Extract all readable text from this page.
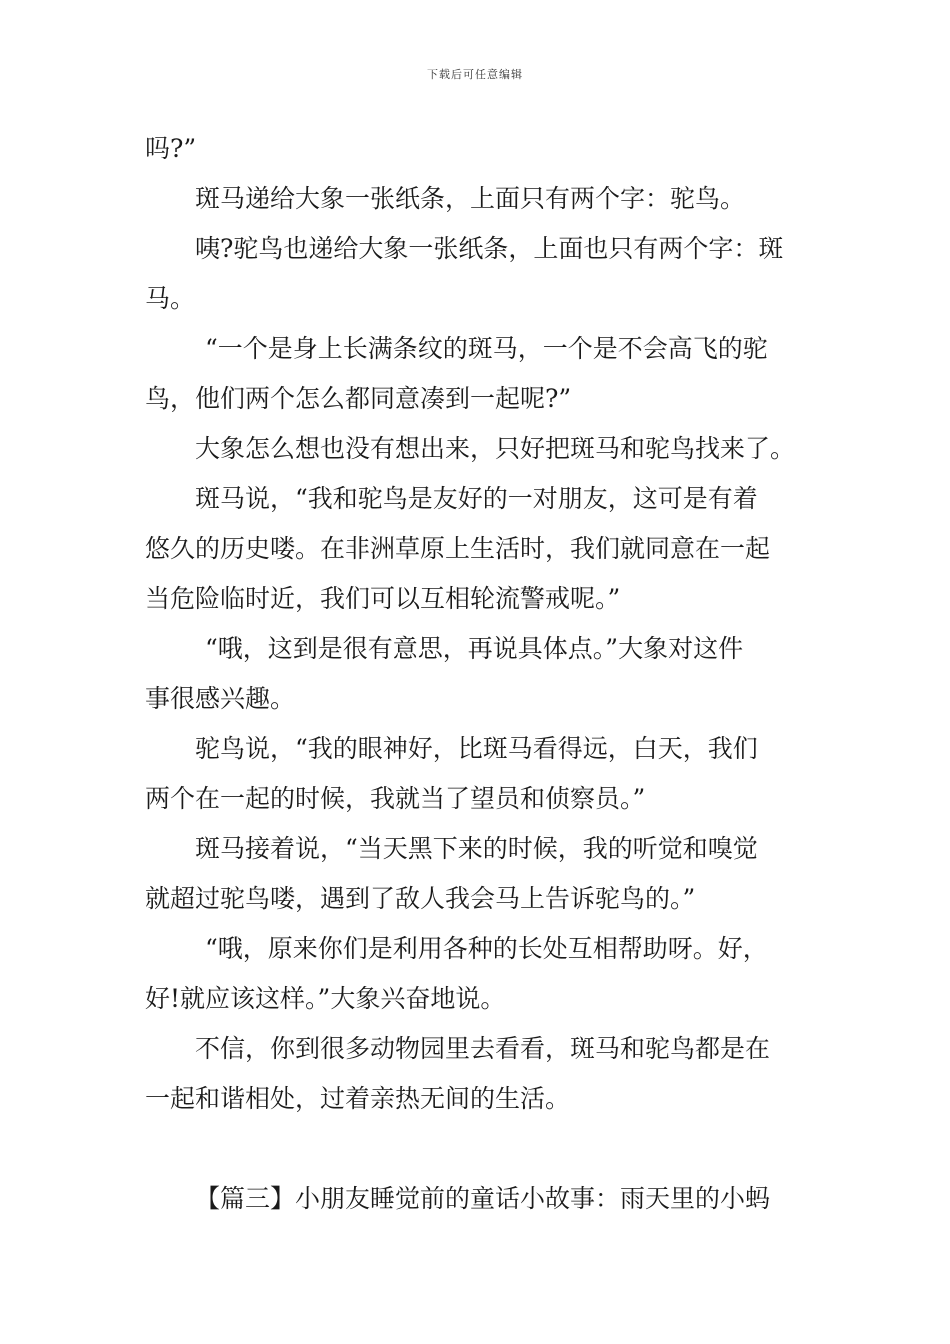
下载后可任意编辑
吗?”
斑马递给大象一张纸条，上面只有两个字：驼鸟。
咦?驼鸟也递给大象一张纸条，上面也只有两个字：斑
马。
“一个是身上长满条纹的斑马，一个是不会高飞的驼
鸟，他们两个怎么都同意凑到一起呢?”
大象怎么想也没有想出来，只好把斑马和驼鸟找来了。
斑马说，“我和驼鸟是友好的一对朋友，这可是有着
悠久的历史喽。在非洲草原上生活时，我们就同意在一起
当危险临时近，我们可以互相轮流警戒呢。”
“哦，这到是很有意思，再说具体点。”大象对这件
事很感兴趣。
驼鸟说，“我的眼神好，比斑马看得远，白天，我们
两个在一起的时候，我就当了望员和侦察员。”
斑马接着说，“当天黑下来的时候，我的听觉和嗅觉
就超过驼鸟喽，遇到了敌人我会马上告诉驼鸟的。”
“哦，原来你们是利用各种的长处互相帮助呀。好，
好!就应该这样。”大象兴奋地说。
不信，你到很多动物园里去看看，斑马和驼鸟都是在
一起和谐相处，过着亲热无间的生活。
【篇三】小朋友睡觉前的童话小故事：雨天里的小蚂
